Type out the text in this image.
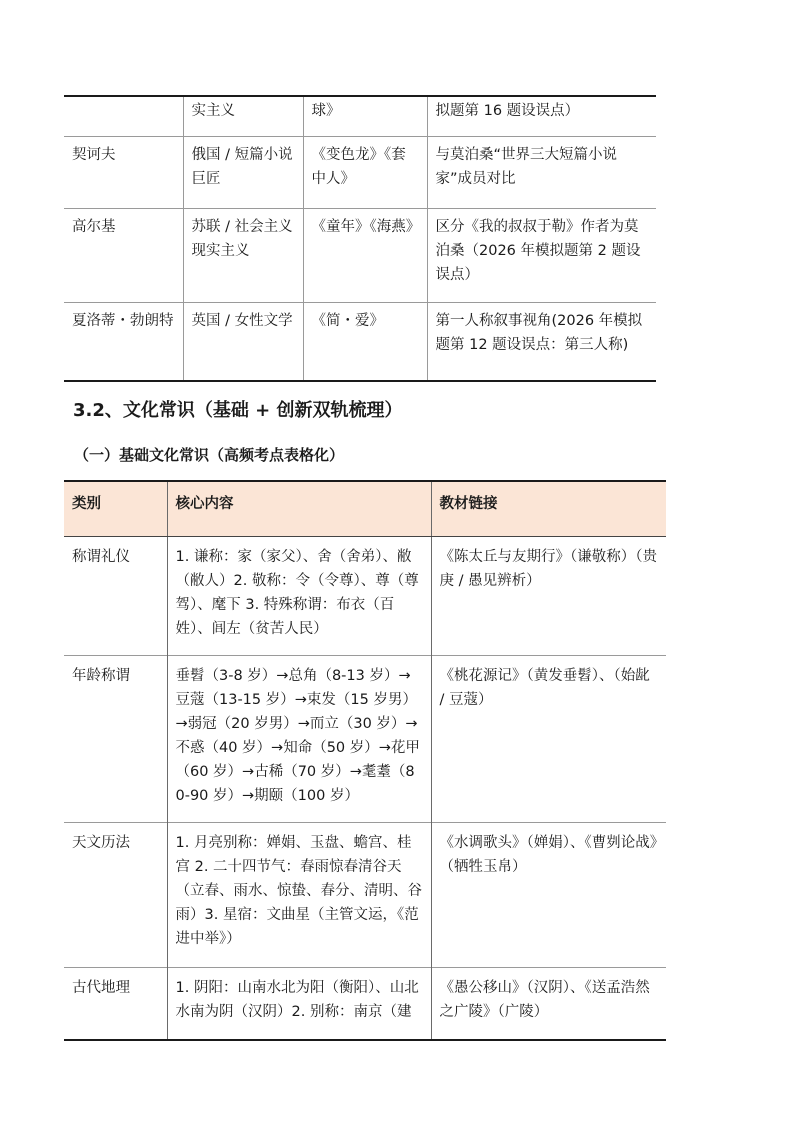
	实主义	球》	拟题第 16 题设误点）
契诃夫	俄国 / 短篇小说巨匠	《变色龙》《套中人》	与莫泊桑“世界三大短篇小说家”成员对比
高尔基	苏联 / 社会主义现实主义	《童年》《海燕》	区分《我的叔叔于勒》作者为莫泊桑（2026 年模拟题第 2 题设误点）
夏洛蒂・勃朗特	英国 / 女性文学	《简・爱》	第一人称叙事视角(2026 年模拟题第 12 题设误点：第三人称)
3.2、文化常识（基础 + 创新双轨梳理）
（一）基础文化常识（高频考点表格化）
类别	核心内容	教材链接
称谓礼仪	1. 谦称：家（家父）、舍（舍弟）、敝（敝人）2. 敬称：令（令尊）、尊（尊驾）、麾下 3. 特殊称谓：布衣（百姓）、闾左（贫苦人民）	《陈太丘与友期行》（谦敬称）（贵庚 / 愚见辨析）
年龄称谓	垂髫（3-8 岁）→总角（8-13 岁）→豆蔻（13-15 岁）→束发（15 岁男）→弱冠（20 岁男）→而立（30 岁）→不惑（40 岁）→知命（50 岁）→花甲（60 岁）→古稀（70 岁）→耄耋（80-90 岁）→期颐（100 岁）	《桃花源记》（黄发垂髫）、（始龀 / 豆蔻）
天文历法	1. 月亮别称：婵娟、玉盘、蟾宫、桂宫 2. 二十四节气：春雨惊春清谷天（立春、雨水、惊蛰、春分、清明、谷雨）3. 星宿：文曲星（主管文运，《范进中举》）	《水调歌头》（婵娟）、《曹刿论战》（牺牲玉帛）
古代地理	1. 阴阳：山南水北为阳（衡阳）、山北水南为阴（汉阴）2. 别称：南京（建	《愚公移山》（汉阴）、《送孟浩然之广陵》（广陵）
